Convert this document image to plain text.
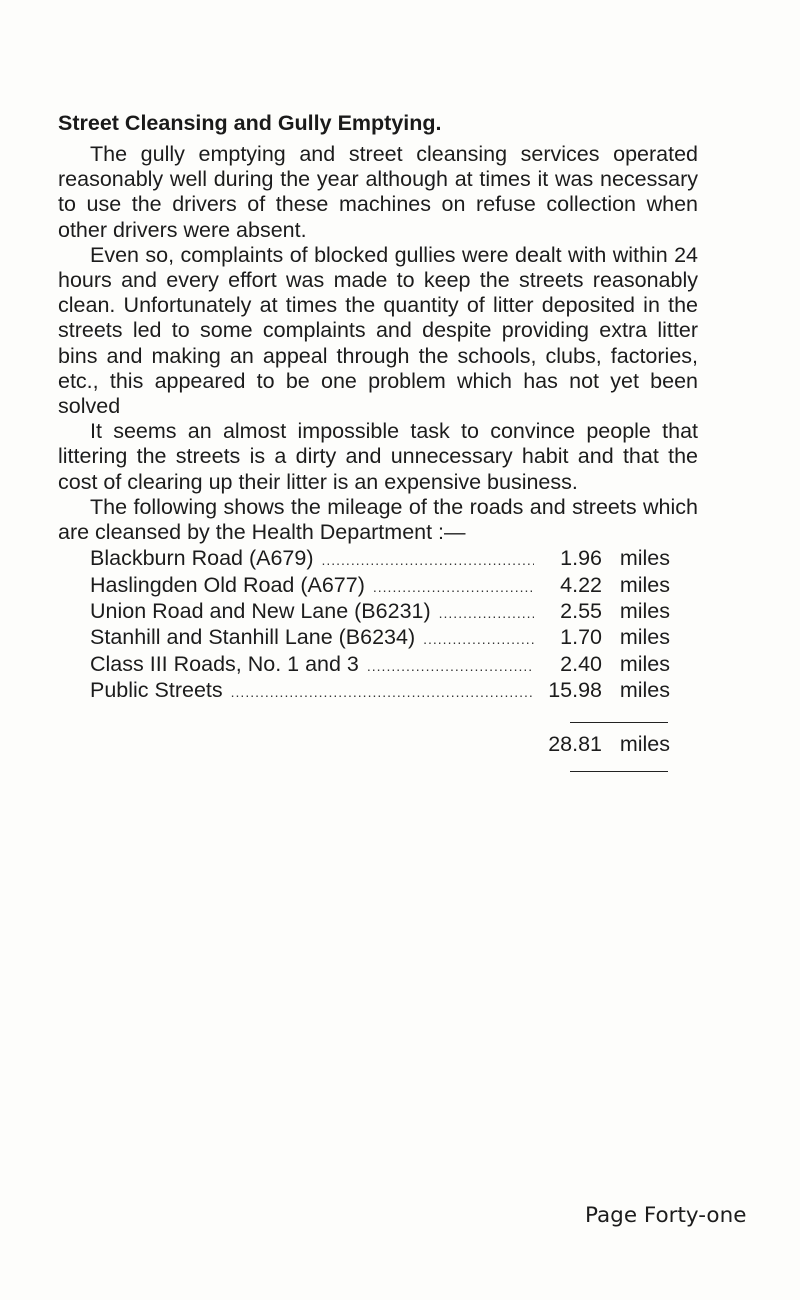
Street Cleansing and Gully Emptying.

The gully emptying and street cleansing services operated reasonably well during the year although at times it was necessary to use the drivers of these machines on refuse collection when other drivers were absent.

Even so, complaints of blocked gullies were dealt with within 24 hours and every effort was made to keep the streets reasonably clean. Unfortunately at times the quantity of litter deposited in the streets led to some complaints and despite providing extra litter bins and making an appeal through the schools, clubs, factories, etc., this appeared to be one problem which has not yet been solved

It seems an almost impossible task to convince people that littering the streets is a dirty and unnecessary habit and that the cost of clearing up their litter is an expensive business.

The following shows the mileage of the roads and streets which are cleansed by the Health Department :—

Blackburn Road (A679) .....	1.96 miles
Haslingden Old Road (A677) .....	4.22 miles
Union Road and New Lane (B6231) .....	2.55 miles
Stanhill and Stanhill Lane (B6234) .....	1.70 miles
Class III Roads, No. 1 and 3 .....	2.40 miles
Public Streets .....	15.98 miles
28.81 miles
Page Forty-one
